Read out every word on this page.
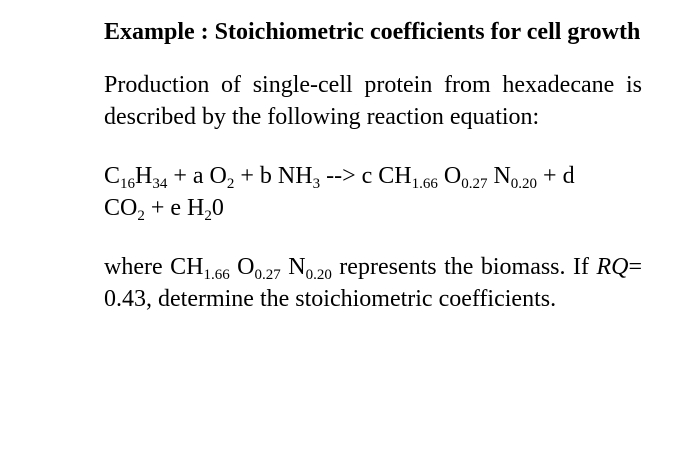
Example : Stoichiometric coefficients for cell growth

Production of single-cell protein from hexadecane is described by the following reaction equation:

$C_{16}H_{34} + a$ $O_2 + b$ $NH_3$ --> c $CH_{1.66}$ $O_{0.27}$ $N_{0.20} + d$
$CO_2 + e$ $H_20$

where $CH_{1.66}$ $O_{0.27}$ $N_{0.20}$ represents the biomass. If RQ= 0.43, determine the stoichiometric coefficients.
